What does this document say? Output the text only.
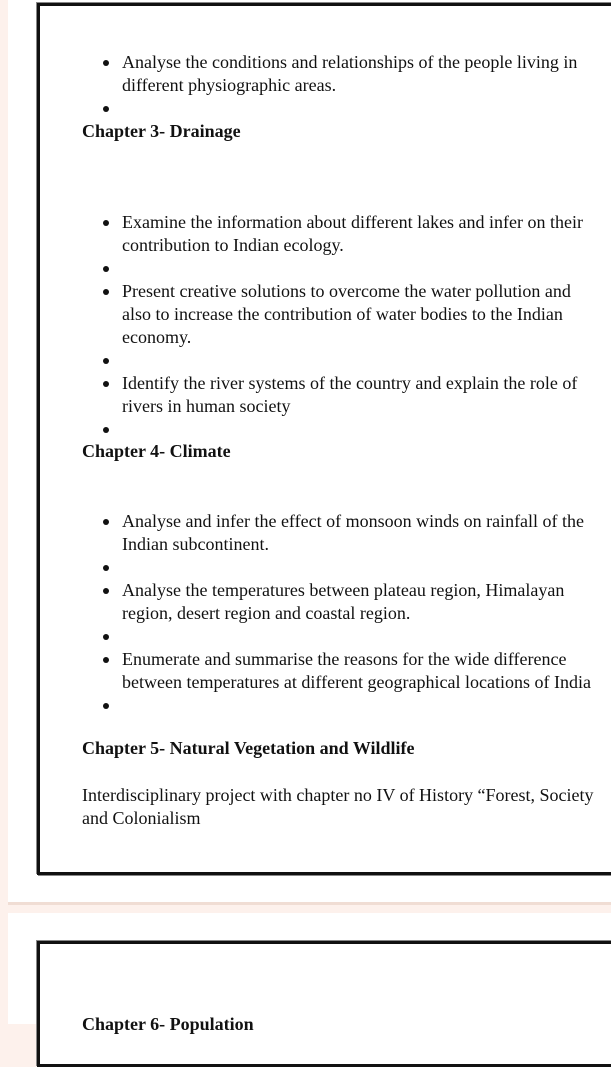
Analyse the conditions and relationships of the people living in different physiographic areas.
Chapter 3- Drainage
Examine the information about different lakes and infer on their contribution to Indian ecology.
Present creative solutions to overcome the water pollution and also to increase the contribution of water bodies to the Indian economy.
Identify the river systems of the country and explain the role of rivers in human society
Chapter 4- Climate
Analyse and infer the effect of monsoon winds on rainfall of the Indian subcontinent.
Analyse the temperatures between plateau region, Himalayan region, desert region and coastal region.
Enumerate and summarise the reasons for the wide difference between temperatures at different geographical locations of India
Chapter 5- Natural Vegetation and Wildlife

Interdisciplinary project with chapter no IV of History “Forest, Society and Colonialism

Chapter 6- Population
